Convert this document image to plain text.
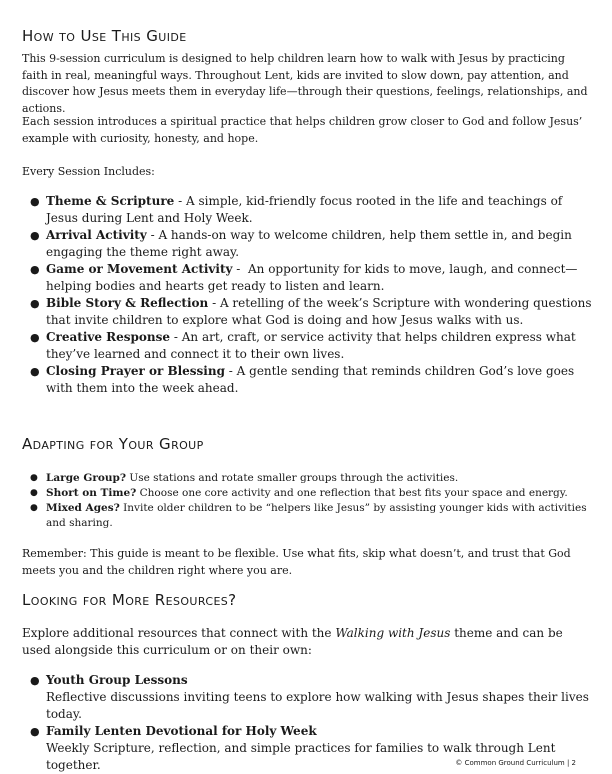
How to Use This Guide
This 9-session curriculum is designed to help children learn how to walk with Jesus by practicing faith in real, meaningful ways. Throughout Lent, kids are invited to slow down, pay attention, and discover how Jesus meets them in everyday life—through their questions, feelings, relationships, and actions.
Each session introduces a spiritual practice that helps children grow closer to God and follow Jesus’ example with curiosity, honesty, and hope.
Every Session Includes:
● Theme & Scripture - A simple, kid-friendly focus rooted in the life and teachings of Jesus during Lent and Holy Week.
● Arrival Activity - A hands-on way to welcome children, help them settle in, and begin engaging the theme right away.
● Game or Movement Activity -  An opportunity for kids to move, laugh, and connect—helping bodies and hearts get ready to listen and learn.
● Bible Story & Reflection - A retelling of the week’s Scripture with wondering questions that invite children to explore what God is doing and how Jesus walks with us.
● Creative Response - An art, craft, or service activity that helps children express what they’ve learned and connect it to their own lives.
● Closing Prayer or Blessing - A gentle sending that reminds children God’s love goes with them into the week ahead.
Adapting for Your Group
● Large Group? Use stations and rotate smaller groups through the activities.
● Short on Time? Choose one core activity and one reflection that best fits your space and energy.
● Mixed Ages? Invite older children to be “helpers like Jesus” by assisting younger kids with activities and sharing.
Remember: This guide is meant to be flexible. Use what fits, skip what doesn’t, and trust that God meets you and the children right where you are.
Looking for More Resources?
Explore additional resources that connect with the Walking with Jesus theme and can be used alongside this curriculum or on their own:
● Youth Group Lessons
Reflective discussions inviting teens to explore how walking with Jesus shapes their lives today.
● Family Lenten Devotional for Holy Week
Weekly Scripture, reflection, and simple practices for families to walk through Lent together.	© Common Ground Curriculum | 2
